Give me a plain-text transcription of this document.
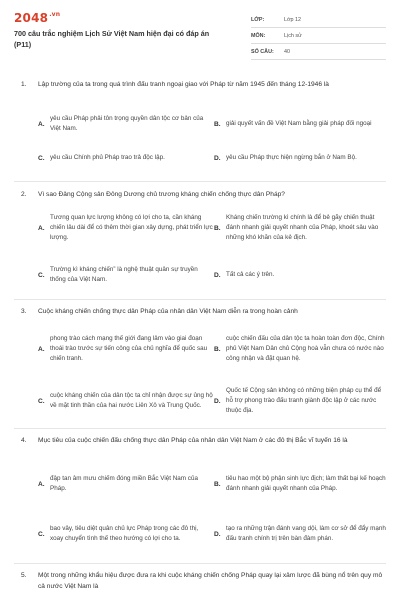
$2048^{.vn}$
700 câu trắc nghiệm Lịch Sử Việt Nam hiện đại có đáp án (P11)
LỚP:	Lớp 12
MÔN:	Lịch sử
SỐ CÂU:	40
1. Lập trường của ta trong quá trình đấu tranh ngoại giao với Pháp từ năm 1945 đến tháng 12-1946 là
A.
yêu cầu Pháp phải tôn trọng quyền dân tộc cơ bản của Việt Nam.
B. giải quyết vấn đề Việt Nam bằng giải pháp đối ngoại
C. yêu cầu Chính phủ Pháp trao trả độc lập.	D. yêu cầu Pháp thực hiện ngừng bắn ở Nam Bộ.
2. Vì sao Đảng Cộng sản Đông Dương chủ trương kháng chiến chống thực dân Pháp?
A.
Tương quan lực lượng không có lợi cho ta, cần kháng chiến lâu dài để có thêm thời gian xây dựng, phát triển lực lượng.
B.
Kháng chiến trường kì chính là để bẻ gãy chiến thuật đánh nhanh giải quyết nhanh của Pháp, khoét sâu vào những khó khăn của kẻ địch.
C.
Trường kì kháng chiến” là nghệ thuật quân sự truyền thống của Việt Nam.
D. Tất cả các ý trên.
3. Cuộc kháng chiến chống thực dân Pháp của nhân dân Việt Nam diễn ra trong hoàn cảnh
A.
phong trào cách mạng thế giới đang lâm vào giai đoạn thoái trào trước sự tiến công của chủ nghĩa để quốc sau chiến tranh.
B.
cuộc chiến đấu của dân tộc ta hoàn toàn đơn độc, Chính phủ Việt Nam Dân chủ Cộng hoà vẫn chưa có nước nào công nhận và đặt quan hệ.
C.
cuộc kháng chiến của dân tộc ta chỉ nhận được sự ủng hộ về mặt tinh thần của hai nước Liên Xô và Trung Quốc.
D.
Quốc tế Cộng sản không có những biện pháp cụ thể để hỗ trợ phong trào đấu tranh giành độc lập ở các nước thuộc địa.
4. Mục tiêu của cuộc chiến đấu chống thực dân Pháp của nhân dân Việt Nam ở các đô thị Bắc vĩ tuyến 16 là
A.
đập tan âm mưu chiếm đóng miền Bắc Việt Nam của Pháp.
B.
tiêu hao một bộ phận sinh lực địch; làm thất bại kế hoạch đánh nhanh giải quyết nhanh của Pháp.
C.
bao vây, tiêu diệt quân chủ lực Pháp trong các đô thị, xoay chuyển tình thế theo hướng có lợi cho ta.
D.
tạo ra những trận đánh vang dội, làm cơ sở để đẩy mạnh đấu tranh chính trị trên bàn đàm phán.
5. Một trong những khẩu hiệu được đưa ra khi cuộc kháng chiến chống Pháp quay lại xâm lược đã bùng nổ trên quy mô cả nước Việt Nam là
